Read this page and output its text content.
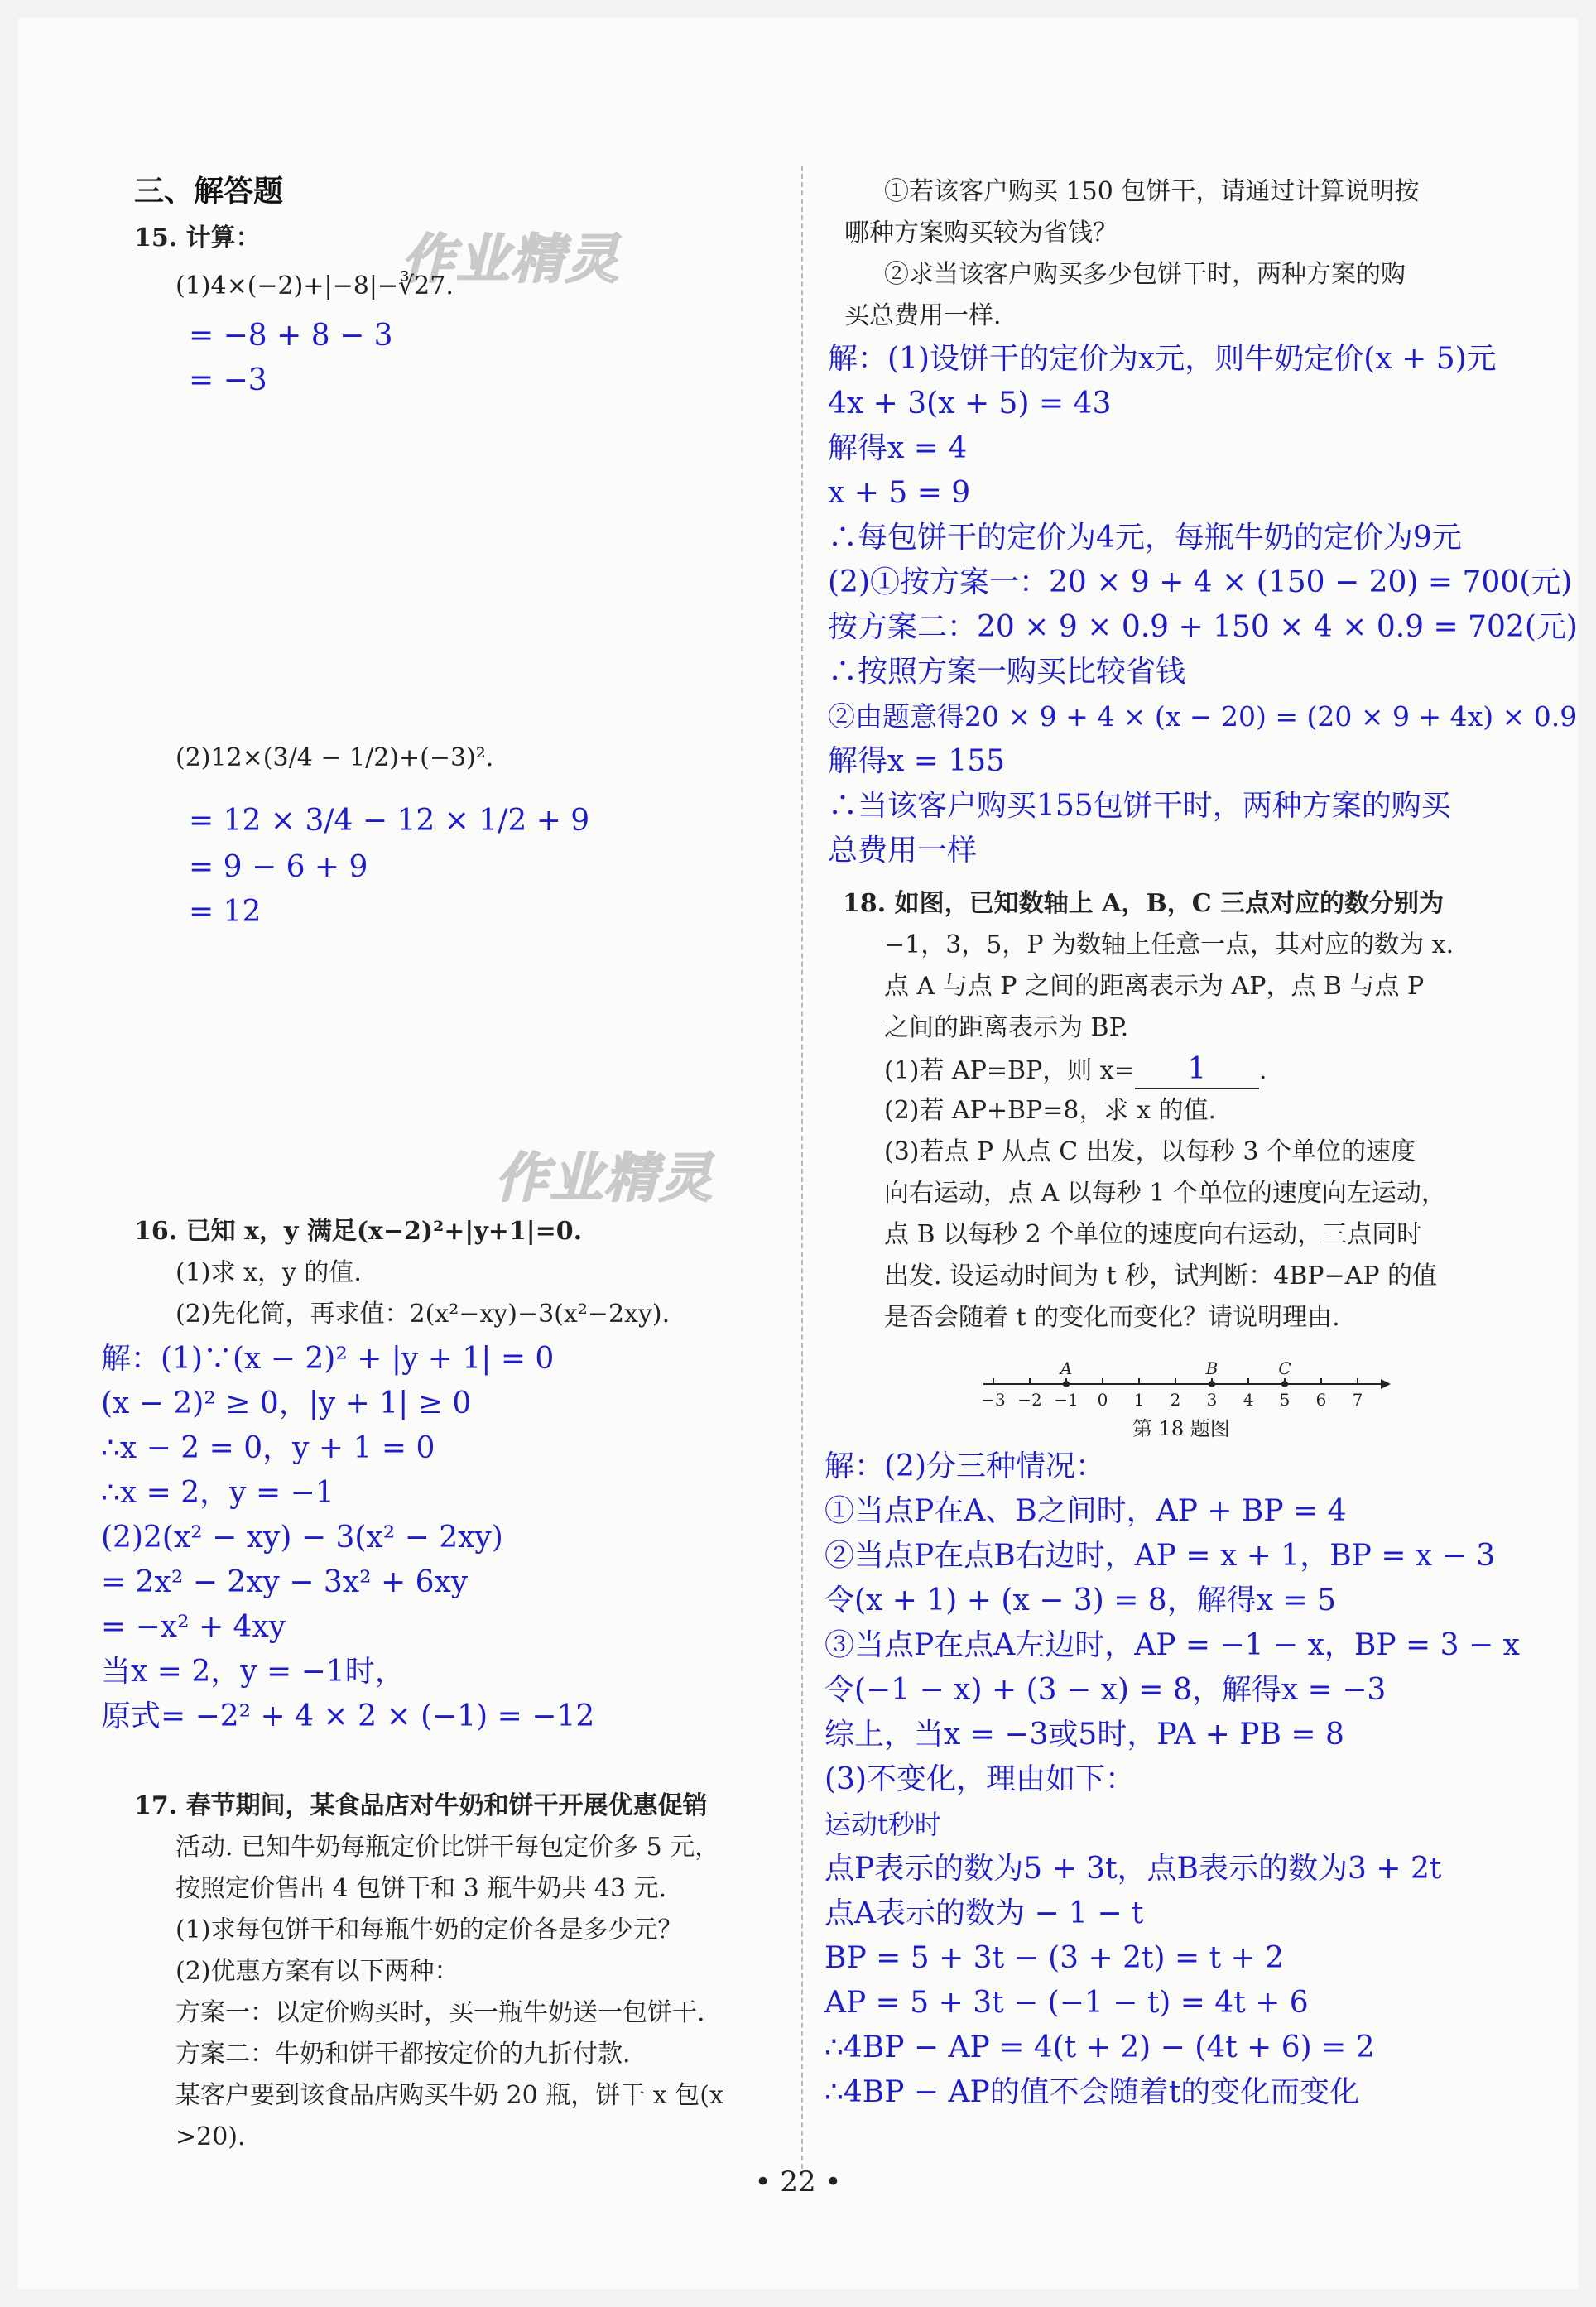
三、解答题
作业精灵
15. 计算：
(1)4×(−2)+|−8|−∛27.
= −8 + 8 − 3
= −3
(2)12×(3/4 − 1/2)+(−3)².
= 12 × 3/4 − 12 × 1/2 + 9
= 9 − 6 + 9
= 12
作业精灵
16. 已知 x，y 满足(x−2)²+|y+1|=0.
(1)求 x，y 的值.
(2)先化简，再求值：2(x²−xy)−3(x²−2xy).
解：(1)∵(x − 2)² + |y + 1| = 0
(x − 2)² ≥ 0，|y + 1| ≥ 0
∴x − 2 = 0，y + 1 = 0
∴x = 2，y = −1
(2)2(x² − xy) − 3(x² − 2xy)
= 2x² − 2xy − 3x² + 6xy
= −x² + 4xy
当x = 2，y = −1时，
原式= −2² + 4 × 2 × (−1) = −12
17. 春节期间，某食品店对牛奶和饼干开展优惠促销
活动. 已知牛奶每瓶定价比饼干每包定价多 5 元，
按照定价售出 4 包饼干和 3 瓶牛奶共 43 元.
(1)求每包饼干和每瓶牛奶的定价各是多少元？
(2)优惠方案有以下两种：
方案一：以定价购买时，买一瓶牛奶送一包饼干.
方案二：牛奶和饼干都按定价的九折付款.
某客户要到该食品店购买牛奶 20 瓶，饼干 x 包(x
>20).
①若该客户购买 150 包饼干，请通过计算说明按
哪种方案购买较为省钱？
②求当该客户购买多少包饼干时，两种方案的购
买总费用一样.
解：(1)设饼干的定价为x元，则牛奶定价(x + 5)元
4x + 3(x + 5) = 43
解得x = 4
x + 5 = 9
∴每包饼干的定价为4元，每瓶牛奶的定价为9元
(2)①按方案一：20 × 9 + 4 × (150 − 20) = 700(元)
按方案二：20 × 9 × 0.9 + 150 × 4 × 0.9 = 702(元)
∴按照方案一购买比较省钱
②由题意得20 × 9 + 4 × (x − 20) = (20 × 9 + 4x) × 0.9
解得x = 155
∴当该客户购买155包饼干时，两种方案的购买
总费用一样
18. 如图，已知数轴上 A，B，C 三点对应的数分别为
−1，3，5，P 为数轴上任意一点，其对应的数为 x.
点 A 与点 P 之间的距离表示为 AP，点 B 与点 P
之间的距离表示为 BP.
(1)若 AP=BP，则 x= 1 .
(2)若 AP+BP=8，求 x 的值.
(3)若点 P 从点 C 出发，以每秒 3 个单位的速度
向右运动，点 A 以每秒 1 个单位的速度向左运动，
点 B 以每秒 2 个单位的速度向右运动，三点同时
出发. 设运动时间为 t 秒，试判断：4BP−AP 的值
是否会随着 t 的变化而变化？请说明理由.
−3 −2 −1 0 1 2 3 4 5 6 7
A	B	C
第 18 题图
解：(2)分三种情况：
①当点P在A、B之间时，AP + BP = 4
②当点P在点B右边时，AP = x + 1，BP = x − 3
令(x + 1) + (x − 3) = 8，解得x = 5
③当点P在点A左边时，AP = −1 − x，BP = 3 − x
令(−1 − x) + (3 − x) = 8，解得x = −3
综上，当x = −3或5时，PA + PB = 8
(3)不变化，理由如下：
运动t秒时
点P表示的数为5 + 3t，点B表示的数为3 + 2t
点A表示的数为 − 1 − t
BP = 5 + 3t − (3 + 2t) = t + 2
AP = 5 + 3t − (−1 − t) = 4t + 6
∴4BP − AP = 4(t + 2) − (4t + 6) = 2
∴4BP − AP的值不会随着t的变化而变化
• 22 •
